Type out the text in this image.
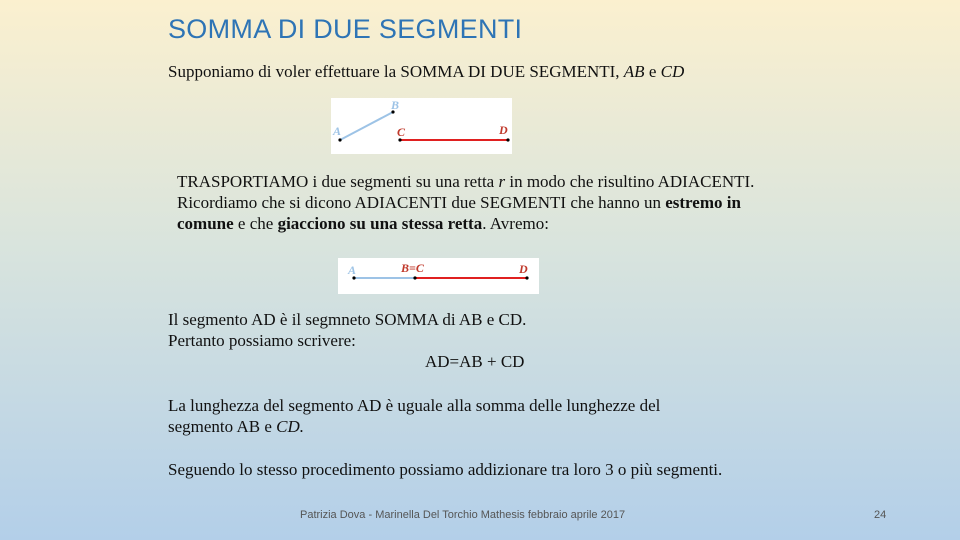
SOMMA DI DUE SEGMENTI
Supponiamo di voler effettuare la SOMMA DI DUE SEGMENTI, AB e CD
A
B
C	D
TRASPORTIAMO i due segmenti su una retta r in modo che risultino ADIACENTI.
Ricordiamo che si dicono ADIACENTI due SEGMENTI che hanno un estremo in
comune e che giacciono su una stessa retta. Avremo:
A	B=C	D
Il segmento AD è il segmneto SOMMA di AB e CD.
Pertanto possiamo scrivere:
AD=AB + CD
La lunghezza del segmento AD è uguale alla somma delle lunghezze del
segmento AB e CD.
Seguendo lo stesso procedimento possiamo addizionare tra loro 3 o più segmenti.
Patrizia Dova - Marinella Del Torchio Mathesis febbraio aprile 2017	24
